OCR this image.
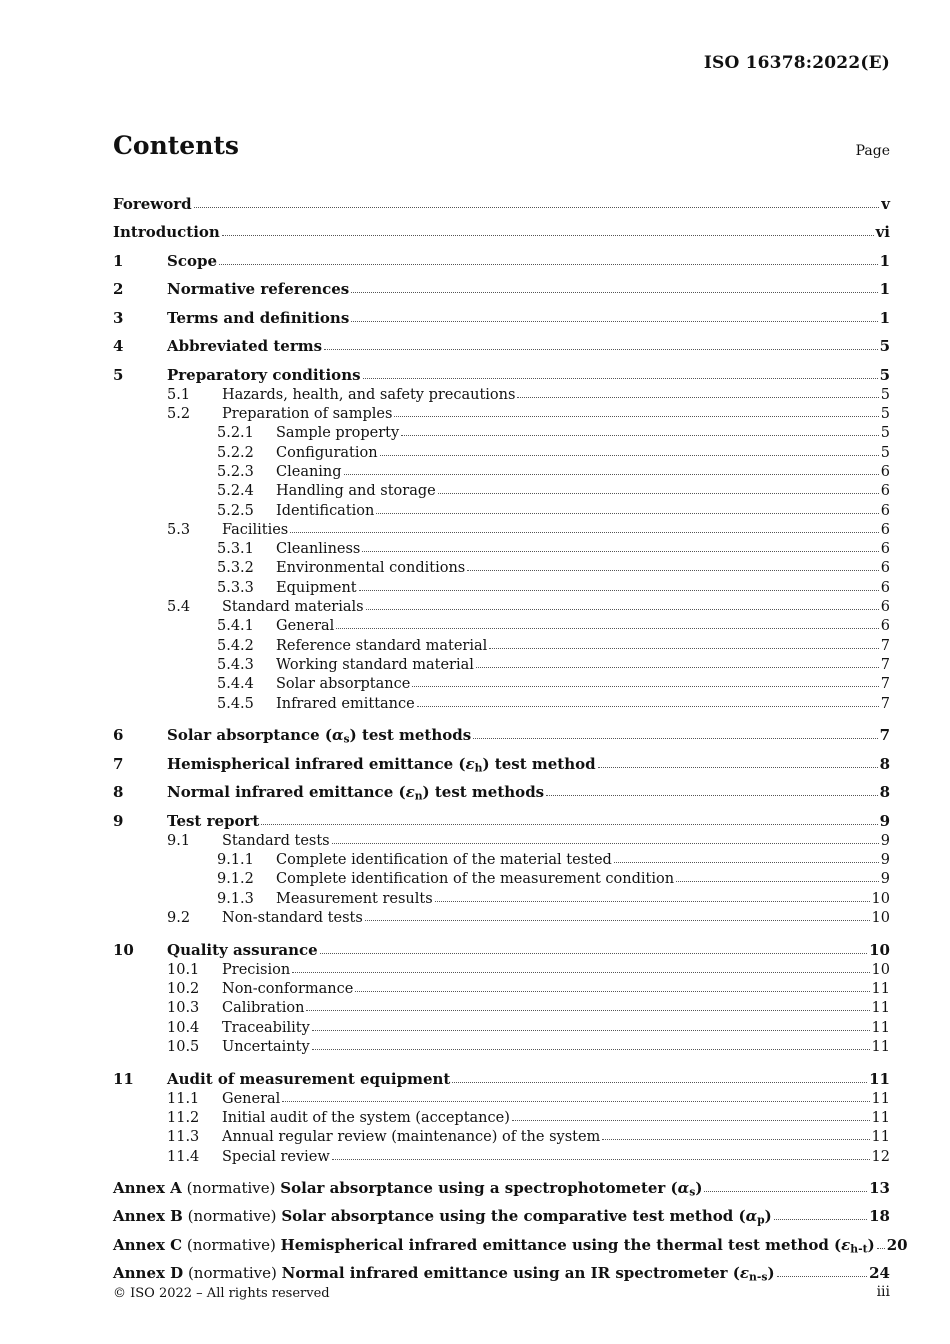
ISO 16378:2022(E)
Contents	Page
Foreword	v
Introduction	vi
1	Scope	1
2	Normative references	1
3	Terms and definitions	1
4	Abbreviated terms	5
5	Preparatory conditions	5
5.1	Hazards, health, and safety precautions	5
5.2	Preparation of samples	5
5.2.1	Sample property	5
5.2.2	Configuration	5
5.2.3	Cleaning	6
5.2.4	Handling and storage	6
5.2.5	Identification	6
5.3	Facilities	6
5.3.1	Cleanliness	6
5.3.2	Environmental conditions	6
5.3.3	Equipment	6
5.4	Standard materials	6
5.4.1	General	6
5.4.2	Reference standard material	7
5.4.3	Working standard material	7
5.4.4	Solar absorptance	7
5.4.5	Infrared emittance	7
6	Solar absorptance $(\alpha_s)$ test methods	7
7	Hemispherical infrared emittance $(\varepsilon_h)$ test method	8
8	Normal infrared emittance $(\varepsilon_n)$ test methods	8
9	Test report	9
9.1	Standard tests	9
9.1.1	Complete identification of the material tested	9
9.1.2	Complete identification of the measurement condition	9
9.1.3	Measurement results	10
9.2	Non-standard tests	10
10	Quality assurance	10
10.1	Precision	10
10.2	Non-conformance	11
10.3	Calibration	11
10.4	Traceability	11
10.5	Uncertainty	11
11	Audit of measurement equipment	11
11.1	General	11
11.2	Initial audit of the system (acceptance)	11
11.3	Annual regular review (maintenance) of the system	11
11.4	Special review	12
Annex A (normative) Solar absorptance using a spectrophotometer $(\alpha_s)$	13
Annex B (normative) Solar absorptance using the comparative test method $(\alpha_p)$	18
Annex C (normative) Hemispherical infrared emittance using the thermal test method $(\varepsilon_{h-t})$ 20
Annex D (normative) Normal infrared emittance using an IR spectrometer $(\varepsilon_{n-s})$	24
© ISO 2022 – All rights reserved	iii
